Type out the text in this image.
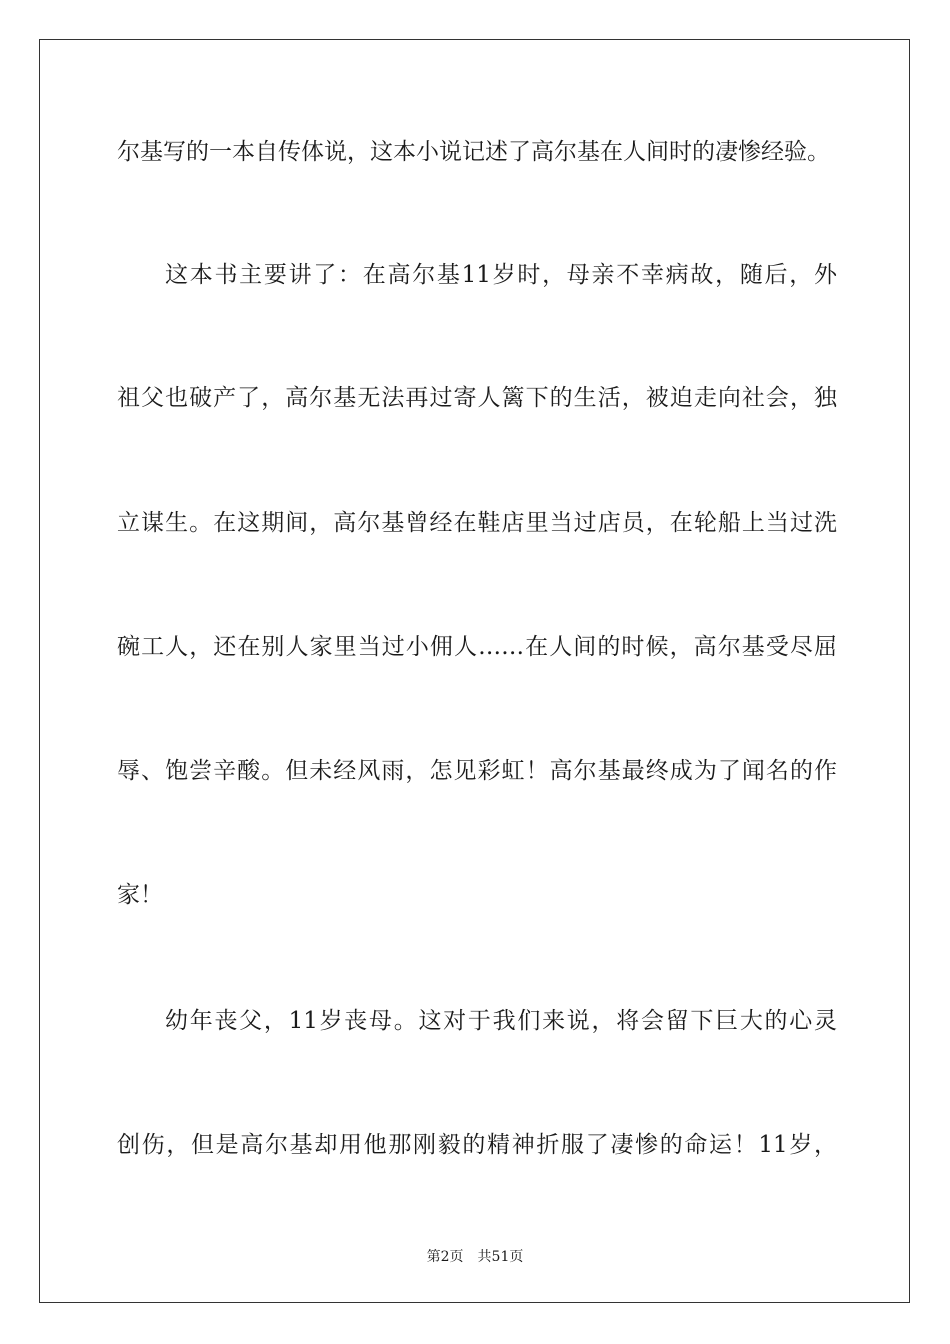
尔基写的一本自传体说，这本小说记述了高尔基在人间时的凄惨经验。

这本书主要讲了：在高尔基11岁时，母亲不幸病故，随后，外

祖父也破产了，高尔基无法再过寄人篱下的生活，被迫走向社会，独

立谋生。在这期间，高尔基曾经在鞋店里当过店员，在轮船上当过洗

碗工人，还在别人家里当过小佣人……在人间的时候，高尔基受尽屈

辱、饱尝辛酸。但未经风雨，怎见彩虹！高尔基最终成为了闻名的作

家！

幼年丧父，11岁丧母。这对于我们来说，将会留下巨大的心灵

创伤，但是高尔基却用他那刚毅的精神折服了凄惨的命运！11岁，

第2页 共51页
